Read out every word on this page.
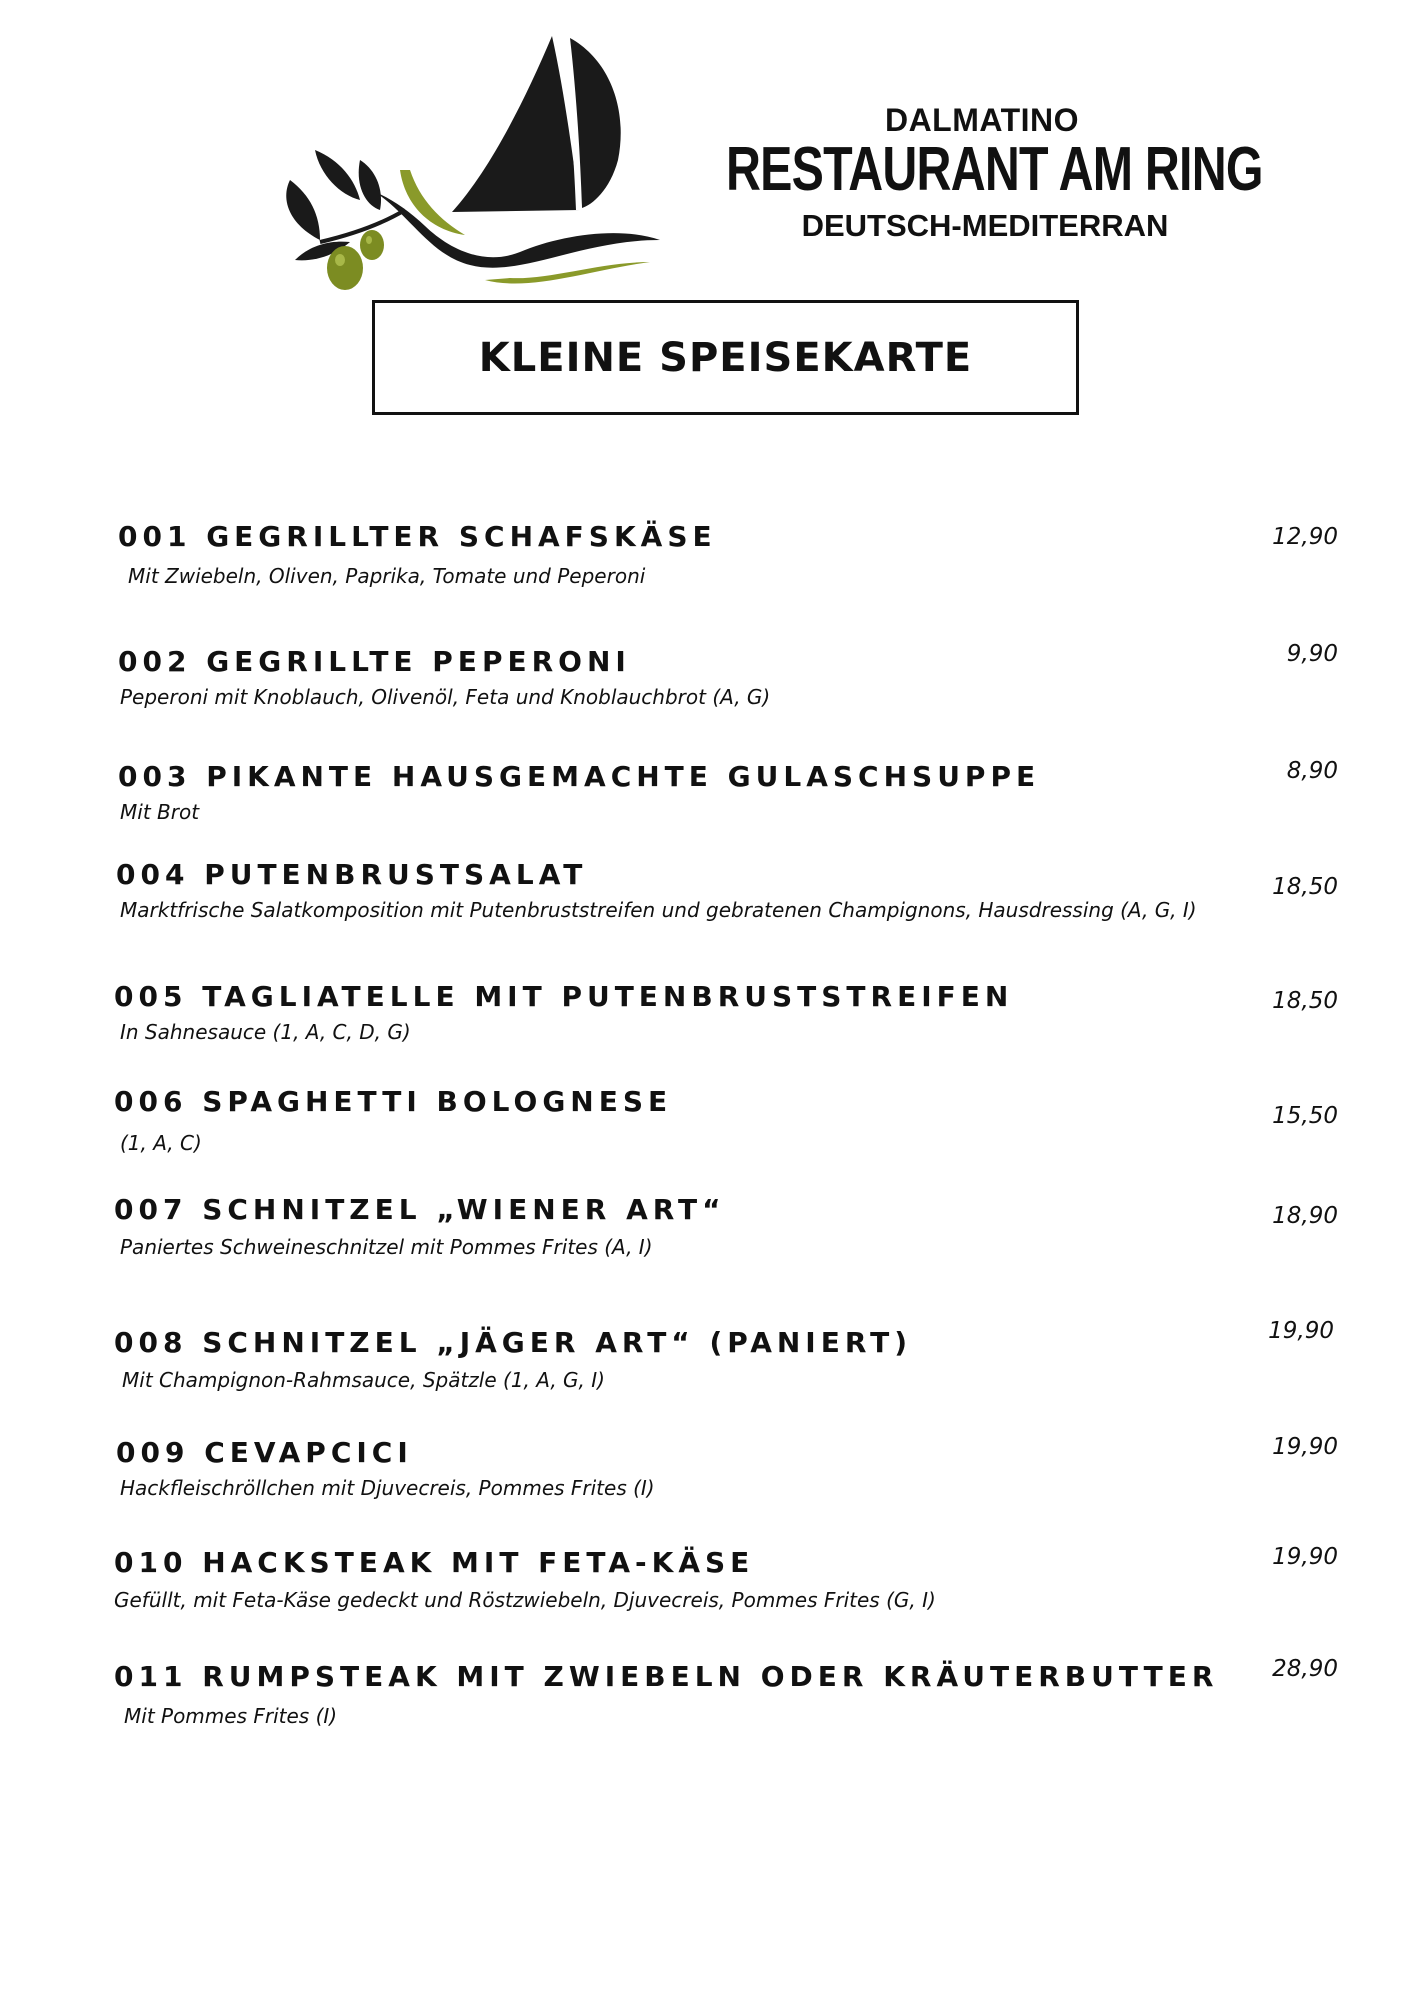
DALMATINO
RESTAURANT AM RING
DEUTSCH-MEDITERRAN
KLEINE SPEISEKARTE
001 GEGRILLTER SCHAFSKÄSE
Mit Zwiebeln, Oliven, Paprika, Tomate und Peperoni
12,90
002 GEGRILLTE PEPERONI
Peperoni mit Knoblauch, Olivenöl, Feta und Knoblauchbrot (A, G)
9,90
003 PIKANTE HAUSGEMACHTE GULASCHSUPPE
Mit Brot
8,90
004 PUTENBRUSTSALAT
Marktfrische Salatkomposition mit Putenbruststreifen und gebratenen Champignons, Hausdressing (A, G, I)
18,50
005 TAGLIATELLE MIT PUTENBRUSTSTREIFEN
In Sahnesauce (1, A, C, D, G)
18,50
006 SPAGHETTI BOLOGNESE
(1, A, C)
15,50
007 SCHNITZEL „WIENER ART“
Paniertes Schweineschnitzel mit Pommes Frites (A, I)
18,90
008 SCHNITZEL „JÄGER ART“ (PANIERT)
Mit Champignon-Rahmsauce, Spätzle (1, A, G, I)
19,90
009 CEVAPCICI
Hackfleischröllchen mit Djuvecreis, Pommes Frites (I)
19,90
010 HACKSTEAK MIT FETA-KÄSE
Gefüllt, mit Feta-Käse gedeckt und Röstzwiebeln, Djuvecreis, Pommes Frites (G, I)
19,90
011 RUMPSTEAK MIT ZWIEBELN ODER KRÄUTERBUTTER
Mit Pommes Frites (I)
28,90
